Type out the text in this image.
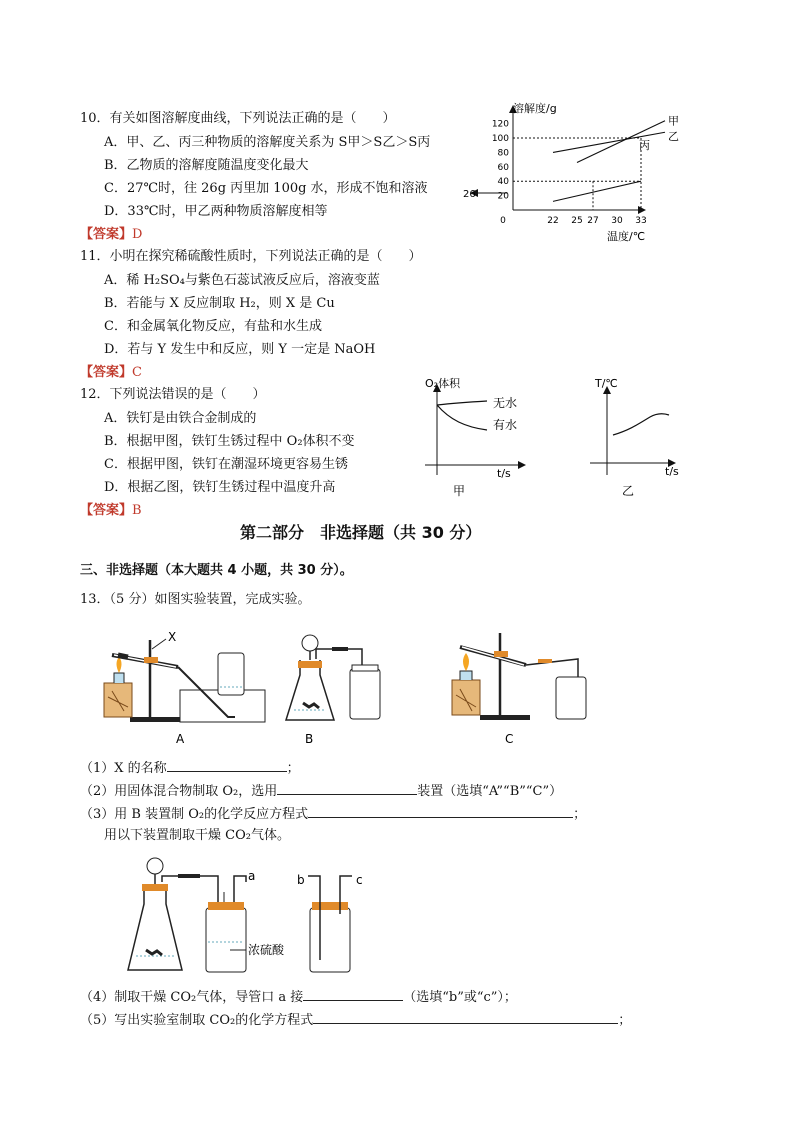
10．有关如图溶解度曲线，下列说法正确的是（　　）
A．甲、乙、丙三种物质的溶解度关系为 S甲＞S乙＞S丙
B．乙物质的溶解度随温度变化最大
C．27℃时，往 26g 丙里加 100g 水，形成不饱和溶液
D．33℃时，甲乙两种物质溶解度相等
【答案】D
溶解度/g
温度/℃
120
100
80
60
40
20
0	22 25 27 30 33
甲
乙
丙
26
11．小明在探究稀硫酸性质时，下列说法正确的是（　　）
A．稀 H₂SO₄与紫色石蕊试液反应后，溶液变蓝
B．若能与 X 反应制取 H₂，则 X 是 Cu
C．和金属氧化物反应，有盐和水生成
D．若与 Y 发生中和反应，则 Y 一定是 NaOH
【答案】C
12．下列说法错误的是（　　）
A．铁钉是由铁合金制成的
B．根据甲图，铁钉生锈过程中 O₂体积不变
C．根据甲图，铁钉在潮湿环境更容易生锈
D．根据乙图，铁钉生锈过程中温度升高
【答案】B
O₂体积
t/s
无水
有水
甲
T/℃
t/s
乙
第二部分　非选择题（共 30 分）
三、非选择题（本大题共 4 小题，共 30 分）。
13．（5 分）如图实验装置，完成实验。
X
A	B	C
（1）X 的名称	；
（2）用固体混合物制取 O₂，选用	装置（选填“A”“B”“C”）
（3）用 B 装置制 O₂的化学反应方程式	；
用以下装置制取干燥 CO₂气体。
a
浓硫酸
b	c
（4）制取干燥 CO₂气体，导管口 a 接	（选填“b”或“c”）；
（5）写出实验室制取 CO₂的化学方程式	；
